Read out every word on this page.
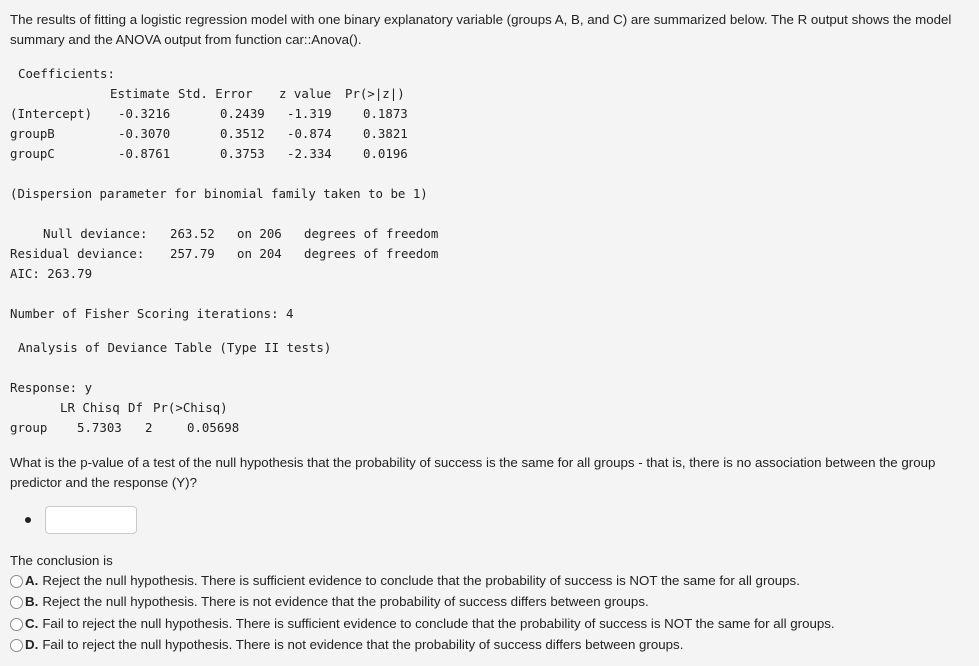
The results of fitting a logistic regression model with one binary explanatory variable (groups A, B, and C) are summarized below. The R output shows the model summary and the ANOVA output from function car::Anova().
Coefficients:
Estimate Std. Error z value Pr(>|z|)
(Intercept) -0.3216	0.2439 -1.319	0.1873
groupB	-0.3070	0.3512 -0.874	0.3821
groupC	-0.8761	0.3753 -2.334	0.0196
(Dispersion parameter for binomial family taken to be 1)
Null deviance: 263.52 on 206 degrees of freedom
Residual deviance: 257.79 on 204 degrees of freedom
AIC: 263.79
Number of Fisher Scoring iterations: 4
Analysis of Deviance Table (Type II tests)
Response: y
LR Chisq Df Pr(>Chisq)
group 5.7303 2	0.05698
What is the p-value of a test of the null hypothesis that the probability of success is the same for all groups - that is, there is no association between the group predictor and the response (Y)?
The conclusion is
A. Reject the null hypothesis. There is sufficient evidence to conclude that the probability of success is NOT the same for all groups.
B. Reject the null hypothesis. There is not evidence that the probability of success differs between groups.
C. Fail to reject the null hypothesis. There is sufficient evidence to conclude that the probability of success is NOT the same for all groups.
D. Fail to reject the null hypothesis. There is not evidence that the probability of success differs between groups.
